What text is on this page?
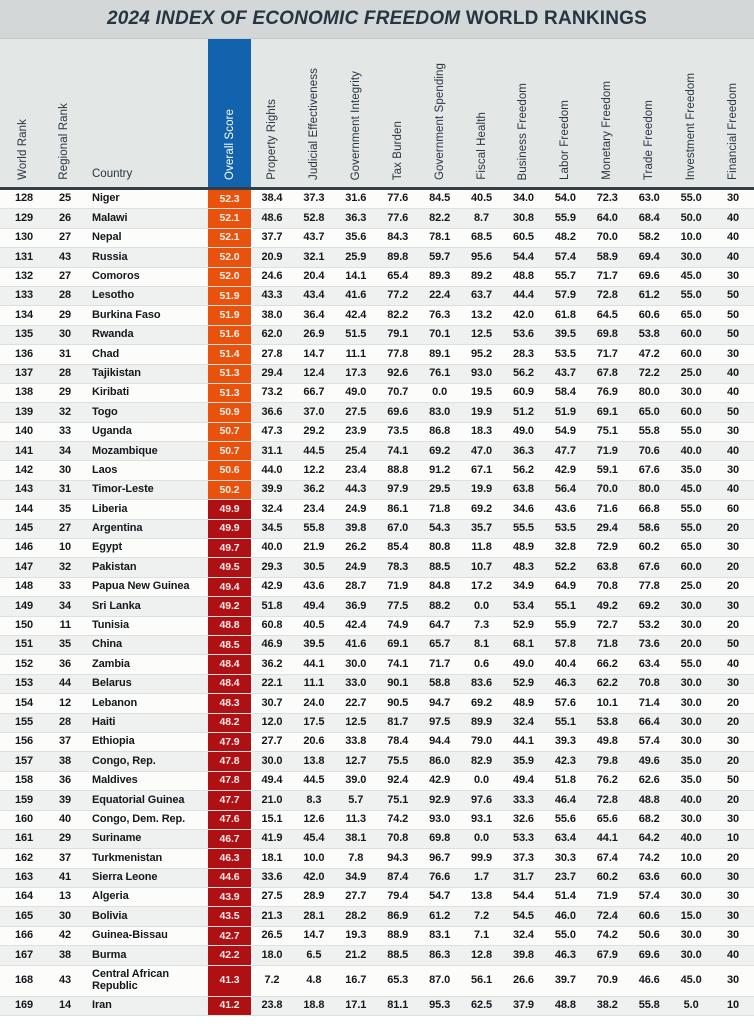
2024 INDEX OF ECONOMIC FREEDOM WORLD RANKINGS
World Rank	Regional Rank Country	Overall Score	Property Rights	Judicial Effectiveness	Government Integrity	Tax Burden	Government Spending	Fiscal Health	Business Freedom	Labor Freedom	Monetary Freedom	Trade Freedom	Investment Freedom	Financial Freedom
128	25	Niger	52.3	38.4	37.3	31.6	77.6	84.5	40.5	34.0	54.0	72.3	63.0	55.0	30
129	26	Malawi	52.1	48.6	52.8	36.3	77.6	82.2	8.7	30.8	55.9	64.0	68.4	50.0	40
130	27	Nepal	52.1	37.7	43.7	35.6	84.3	78.1	68.5	60.5	48.2	70.0	58.2	10.0	40
131	43	Russia	52.0	20.9	32.1	25.9	89.8	59.7	95.6	54.4	57.4	58.9	69.4	30.0	40
132	27	Comoros	52.0	24.6	20.4	14.1	65.4	89.3	89.2	48.8	55.7	71.7	69.6	45.0	30
133	28	Lesotho	51.9	43.3	43.4	41.6	77.2	22.4	63.7	44.4	57.9	72.8	61.2	55.0	50
134	29	Burkina Faso	51.9	38.0	36.4	42.4	82.2	76.3	13.2	42.0	61.8	64.5	60.6	65.0	50
135	30	Rwanda	51.6	62.0	26.9	51.5	79.1	70.1	12.5	53.6	39.5	69.8	53.8	60.0	50
136	31	Chad	51.4	27.8	14.7	11.1	77.8	89.1	95.2	28.3	53.5	71.7	47.2	60.0	30
137	28	Tajikistan	51.3	29.4	12.4	17.3	92.6	76.1	93.0	56.2	43.7	67.8	72.2	25.0	40
138	29	Kiribati	51.3	73.2	66.7	49.0	70.7	0.0	19.5	60.9	58.4	76.9	80.0	30.0	40
139	32	Togo	50.9	36.6	37.0	27.5	69.6	83.0	19.9	51.2	51.9	69.1	65.0	60.0	50
140	33	Uganda	50.7	47.3	29.2	23.9	73.5	86.8	18.3	49.0	54.9	75.1	55.8	55.0	30
141	34	Mozambique	50.7	31.1	44.5	25.4	74.1	69.2	47.0	36.3	47.7	71.9	70.6	40.0	40
142	30	Laos	50.6	44.0	12.2	23.4	88.8	91.2	67.1	56.2	42.9	59.1	67.6	35.0	30
143	31	Timor-Leste	50.2	39.9	36.2	44.3	97.9	29.5	19.9	63.8	56.4	70.0	80.0	45.0	40
144	35	Liberia	49.9	32.4	23.4	24.9	86.1	71.8	69.2	34.6	43.6	71.6	66.8	55.0	60
145	27	Argentina	49.9	34.5	55.8	39.8	67.0	54.3	35.7	55.5	53.5	29.4	58.6	55.0	20
146	10	Egypt	49.7	40.0	21.9	26.2	85.4	80.8	11.8	48.9	32.8	72.9	60.2	65.0	30
147	32	Pakistan	49.5	29.3	30.5	24.9	78.3	88.5	10.7	48.3	52.2	63.8	67.6	60.0	20
148	33	Papua New Guinea	49.4	42.9	43.6	28.7	71.9	84.8	17.2	34.9	64.9	70.8	77.8	25.0	20
149	34	Sri Lanka	49.2	51.8	49.4	36.9	77.5	88.2	0.0	53.4	55.1	49.2	69.2	30.0	30
150	11	Tunisia	48.8	60.8	40.5	42.4	74.9	64.7	7.3	52.9	55.9	72.7	53.2	30.0	20
151	35	China	48.5	46.9	39.5	41.6	69.1	65.7	8.1	68.1	57.8	71.8	73.6	20.0	50
152	36	Zambia	48.4	36.2	44.1	30.0	74.1	71.7	0.6	49.0	40.4	66.2	63.4	55.0	40
153	44	Belarus	48.4	22.1	11.1	33.0	90.1	58.8	83.6	52.9	46.3	62.2	70.8	30.0	30
154	12	Lebanon	48.3	30.7	24.0	22.7	90.5	94.7	69.2	48.9	57.6	10.1	71.4	30.0	20
155	28	Haiti	48.2	12.0	17.5	12.5	81.7	97.5	89.9	32.4	55.1	53.8	66.4	30.0	20
156	37	Ethiopia	47.9	27.7	20.6	33.8	78.4	94.4	79.0	44.1	39.3	49.8	57.4	30.0	30
157	38	Congo, Rep.	47.8	30.0	13.8	12.7	75.5	86.0	82.9	35.9	42.3	79.8	49.6	35.0	20
158	36	Maldives	47.8	49.4	44.5	39.0	92.4	42.9	0.0	49.4	51.8	76.2	62.6	35.0	50
159	39	Equatorial Guinea	47.7	21.0	8.3	5.7	75.1	92.9	97.6	33.3	46.4	72.8	48.8	40.0	20
160	40	Congo, Dem. Rep.	47.6	15.1	12.6	11.3	74.2	93.0	93.1	32.6	55.6	65.6	68.2	30.0	30
161	29	Suriname	46.7	41.9	45.4	38.1	70.8	69.8	0.0	53.3	63.4	44.1	64.2	40.0	10
162	37	Turkmenistan	46.3	18.1	10.0	7.8	94.3	96.7	99.9	37.3	30.3	67.4	74.2	10.0	20
163	41	Sierra Leone	44.6	33.6	42.0	34.9	87.4	76.6	1.7	31.7	23.7	60.2	63.6	60.0	30
164	13	Algeria	43.9	27.5	28.9	27.7	79.4	54.7	13.8	54.4	51.4	71.9	57.4	30.0	30
165	30	Bolivia	43.5	21.3	28.1	28.2	86.9	61.2	7.2	54.5	46.0	72.4	60.6	15.0	30
166	42	Guinea-Bissau	42.7	26.5	14.7	19.3	88.9	83.1	7.1	32.4	55.0	74.2	50.6	30.0	30
167	38	Burma	42.2	18.0	6.5	21.2	88.5	86.3	12.8	39.8	46.3	67.9	69.6	30.0	40
168	43	Central African Republic	41.3	7.2	4.8	16.7	65.3	87.0	56.1	26.6	39.7	70.9	46.6	45.0	30
169	14	Iran	41.2	23.8	18.8	17.1	81.1	95.3	62.5	37.9	48.8	38.2	55.8	5.0	10
